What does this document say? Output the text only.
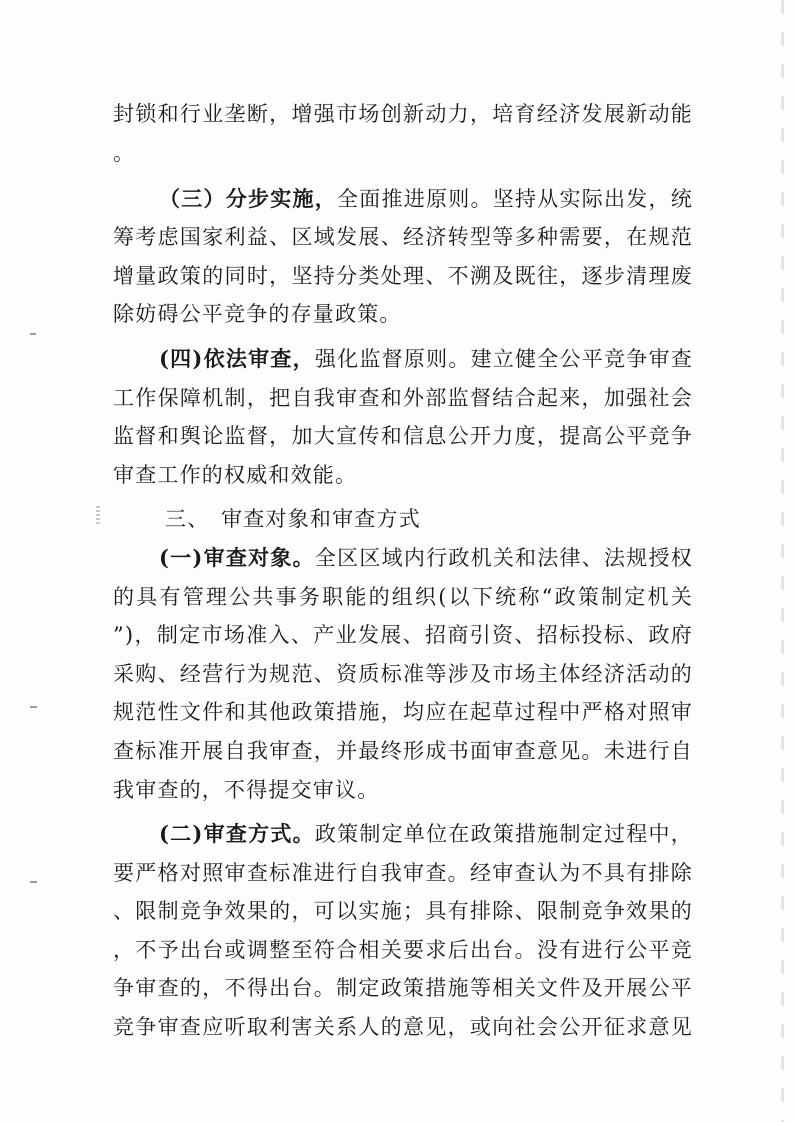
封锁和行业垄断，增强市场创新动力，培育经济发展新动能
。
（三）分步实施，全面推进原则。坚持从实际出发，统
筹考虑国家利益、区域发展、经济转型等多种需要，在规范
增量政策的同时，坚持分类处理、不溯及既往，逐步清理废
除妨碍公平竞争的存量政策。
(四)依法审查，强化监督原则。建立健全公平竞争审查
工作保障机制，把自我审查和外部监督结合起来，加强社会
监督和舆论监督，加大宣传和信息公开力度，提高公平竞争
审查工作的权威和效能。
三、　审查对象和审查方式
(一)审查对象。全区区域内行政机关和法律、法规授权
的具有管理公共事务职能的组织(以下统称“政策制定机关
”)，制定市场准入、产业发展、招商引资、招标投标、政府
采购、经营行为规范、资质标准等涉及市场主体经济活动的
规范性文件和其他政策措施，均应在起草过程中严格对照审
查标准开展自我审查，并最终形成书面审查意见。未进行自
我审查的，不得提交审议。
(二)审查方式。政策制定单位在政策措施制定过程中，
要严格对照审查标准进行自我审查。经审查认为不具有排除
、限制竞争效果的，可以实施；具有排除、限制竞争效果的
，不予出台或调整至符合相关要求后出台。没有进行公平竞
争审查的，不得出台。制定政策措施等相关文件及开展公平
竞争审查应听取利害关系人的意见，或向社会公开征求意见
